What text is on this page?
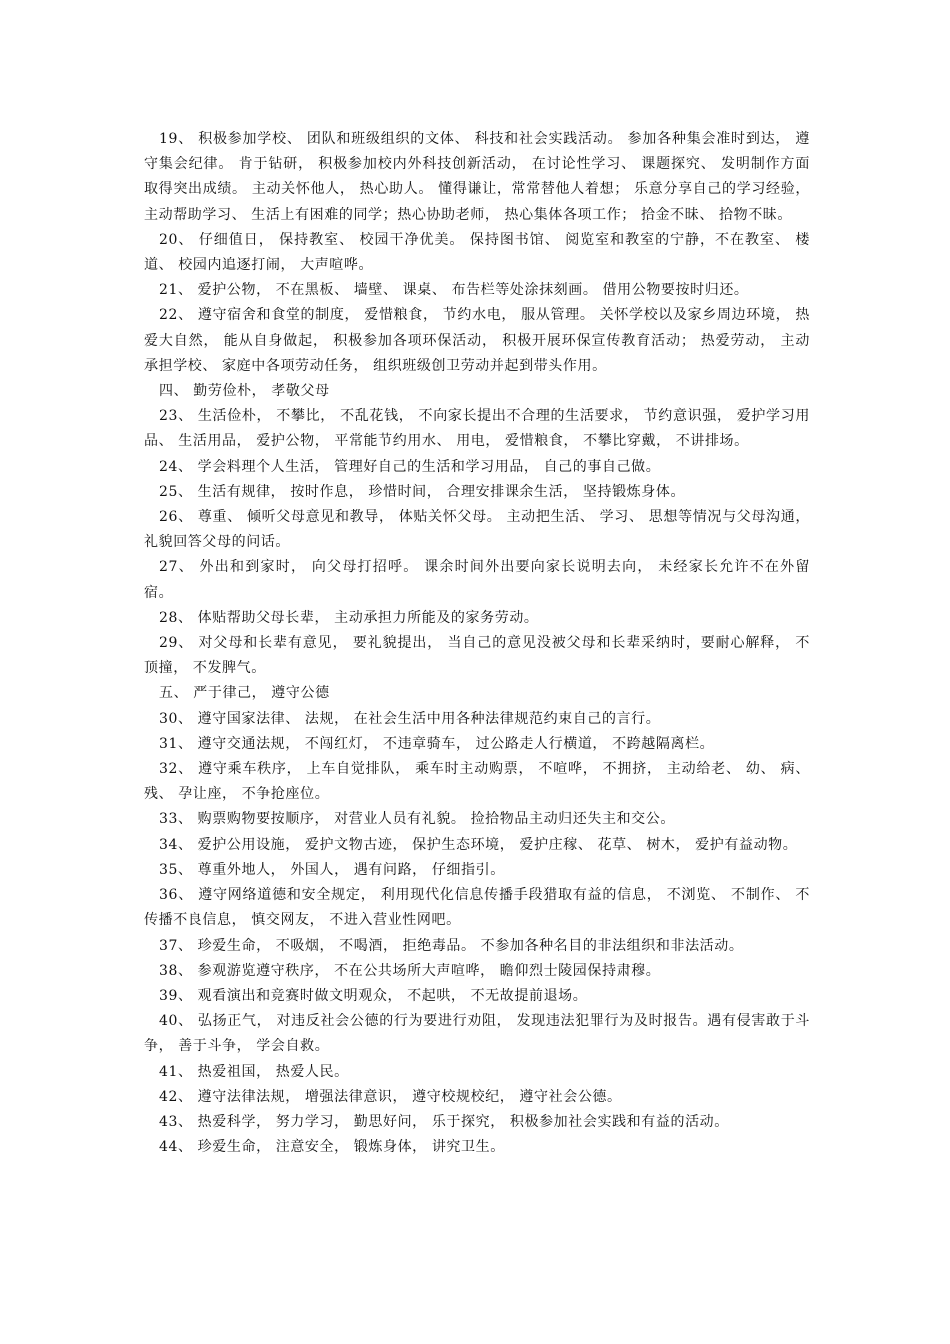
19、 积极参加学校、 团队和班级组织的文体、 科技和社会实践活动。 参加各种集会准时到达， 遵守集会纪律。 肯于钻研， 积极参加校内外科技创新活动， 在讨论性学习、 课题探究、 发明制作方面取得突出成绩。 主动关怀他人， 热心助人。 懂得谦让，常常替他人着想； 乐意分享自己的学习经验， 主动帮助学习、 生活上有困难的同学；热心协助老师， 热心集体各项工作； 拾金不昧、 拾物不昧。

20、 仔细值日， 保持教室、 校园干净优美。 保持图书馆、 阅览室和教室的宁静，不在教室、 楼道、 校园内追逐打闹， 大声喧哗。

21、 爱护公物， 不在黑板、 墙壁、 课桌、 布告栏等处涂抹刻画。 借用公物要按时归还。

22、 遵守宿舍和食堂的制度， 爱惜粮食， 节约水电， 服从管理。 关怀学校以及家乡周边环境， 热爱大自然， 能从自身做起， 积极参加各项环保活动， 积极开展环保宣传教育活动； 热爱劳动， 主动承担学校、 家庭中各项劳动任务， 组织班级创卫劳动并起到带头作用。

四、 勤劳俭朴， 孝敬父母

23、 生活俭朴， 不攀比， 不乱花钱， 不向家长提出不合理的生活要求， 节约意识强， 爱护学习用品、 生活用品， 爱护公物， 平常能节约用水、 用电， 爱惜粮食， 不攀比穿戴， 不讲排场。

24、 学会料理个人生活， 管理好自己的生活和学习用品， 自己的事自己做。

25、 生活有规律， 按时作息， 珍惜时间， 合理安排课余生活， 坚持锻炼身体。

26、 尊重、 倾听父母意见和教导， 体贴关怀父母。 主动把生活、 学习、 思想等情况与父母沟通， 礼貌回答父母的问话。

27、 外出和到家时， 向父母打招呼。 课余时间外出要向家长说明去向， 未经家长允许不在外留宿。

28、 体贴帮助父母长辈， 主动承担力所能及的家务劳动。

29、 对父母和长辈有意见， 要礼貌提出， 当自己的意见没被父母和长辈采纳时，要耐心解释， 不顶撞， 不发脾气。

五、 严于律己， 遵守公德

30、 遵守国家法律、 法规， 在社会生活中用各种法律规范约束自己的言行。

31、 遵守交通法规， 不闯红灯， 不违章骑车， 过公路走人行横道， 不跨越隔离栏。

32、 遵守乘车秩序， 上车自觉排队， 乘车时主动购票， 不喧哗， 不拥挤， 主动给老、 幼、 病、 残、 孕让座， 不争抢座位。

33、 购票购物要按顺序， 对营业人员有礼貌。 捡拾物品主动归还失主和交公。

34、 爱护公用设施， 爱护文物古迹， 保护生态环境， 爱护庄稼、 花草、 树木， 爱护有益动物。

35、 尊重外地人， 外国人， 遇有问路， 仔细指引。

36、 遵守网络道德和安全规定， 利用现代化信息传播手段猎取有益的信息， 不浏览、 不制作、 不传播不良信息， 慎交网友， 不进入营业性网吧。

37、 珍爱生命， 不吸烟， 不喝酒， 拒绝毒品。 不参加各种名目的非法组织和非法活动。

38、 参观游览遵守秩序， 不在公共场所大声喧哗， 瞻仰烈士陵园保持肃穆。

39、 观看演出和竞赛时做文明观众， 不起哄， 不无故提前退场。

40、 弘扬正气， 对违反社会公德的行为要进行劝阻， 发现违法犯罪行为及时报告。遇有侵害敢于斗争， 善于斗争， 学会自救。

41、 热爱祖国， 热爱人民。

42、 遵守法律法规， 增强法律意识， 遵守校规校纪， 遵守社会公德。

43、 热爱科学， 努力学习， 勤思好问， 乐于探究， 积极参加社会实践和有益的活动。

44、 珍爱生命， 注意安全， 锻炼身体， 讲究卫生。
